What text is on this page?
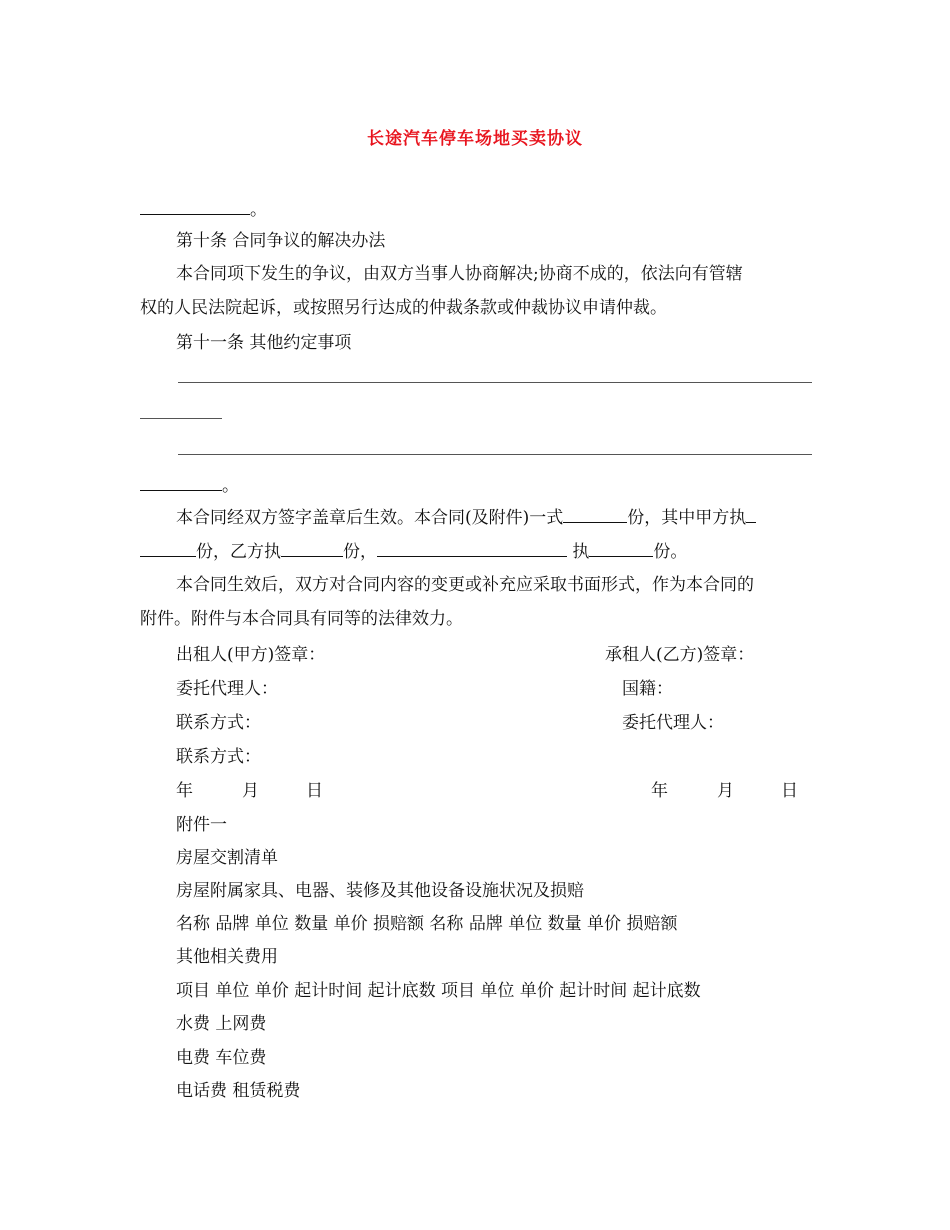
长途汽车停车场地买卖协议
。
第十条 合同争议的解决办法
本合同项下发生的争议，由双方当事人协商解决;协商不成的，依法向有管辖
权的人民法院起诉，或按照另行达成的仲裁条款或仲裁协议申请仲裁。
第十一条 其他约定事项
。
本合同经双方签字盖章后生效。本合同(及附件)一式	份，其中甲方执
份，乙方执	份，	执	份。
本合同生效后，双方对合同内容的变更或补充应采取书面形式，作为本合同的
附件。附件与本合同具有同等的法律效力。
出租人(甲方)签章：	承租人(乙方)签章：
委托代理人：	国籍：
联系方式：	委托代理人：
联系方式：
年	月	日	年	月	日
附件一
房屋交割清单
房屋附属家具、电器、装修及其他设备设施状况及损赔
名称 品牌 单位 数量 单价 损赔额 名称 品牌 单位 数量 单价 损赔额
其他相关费用
项目 单位 单价 起计时间 起计底数 项目 单位 单价 起计时间 起计底数
水费 上网费
电费 车位费
电话费 租赁税费
